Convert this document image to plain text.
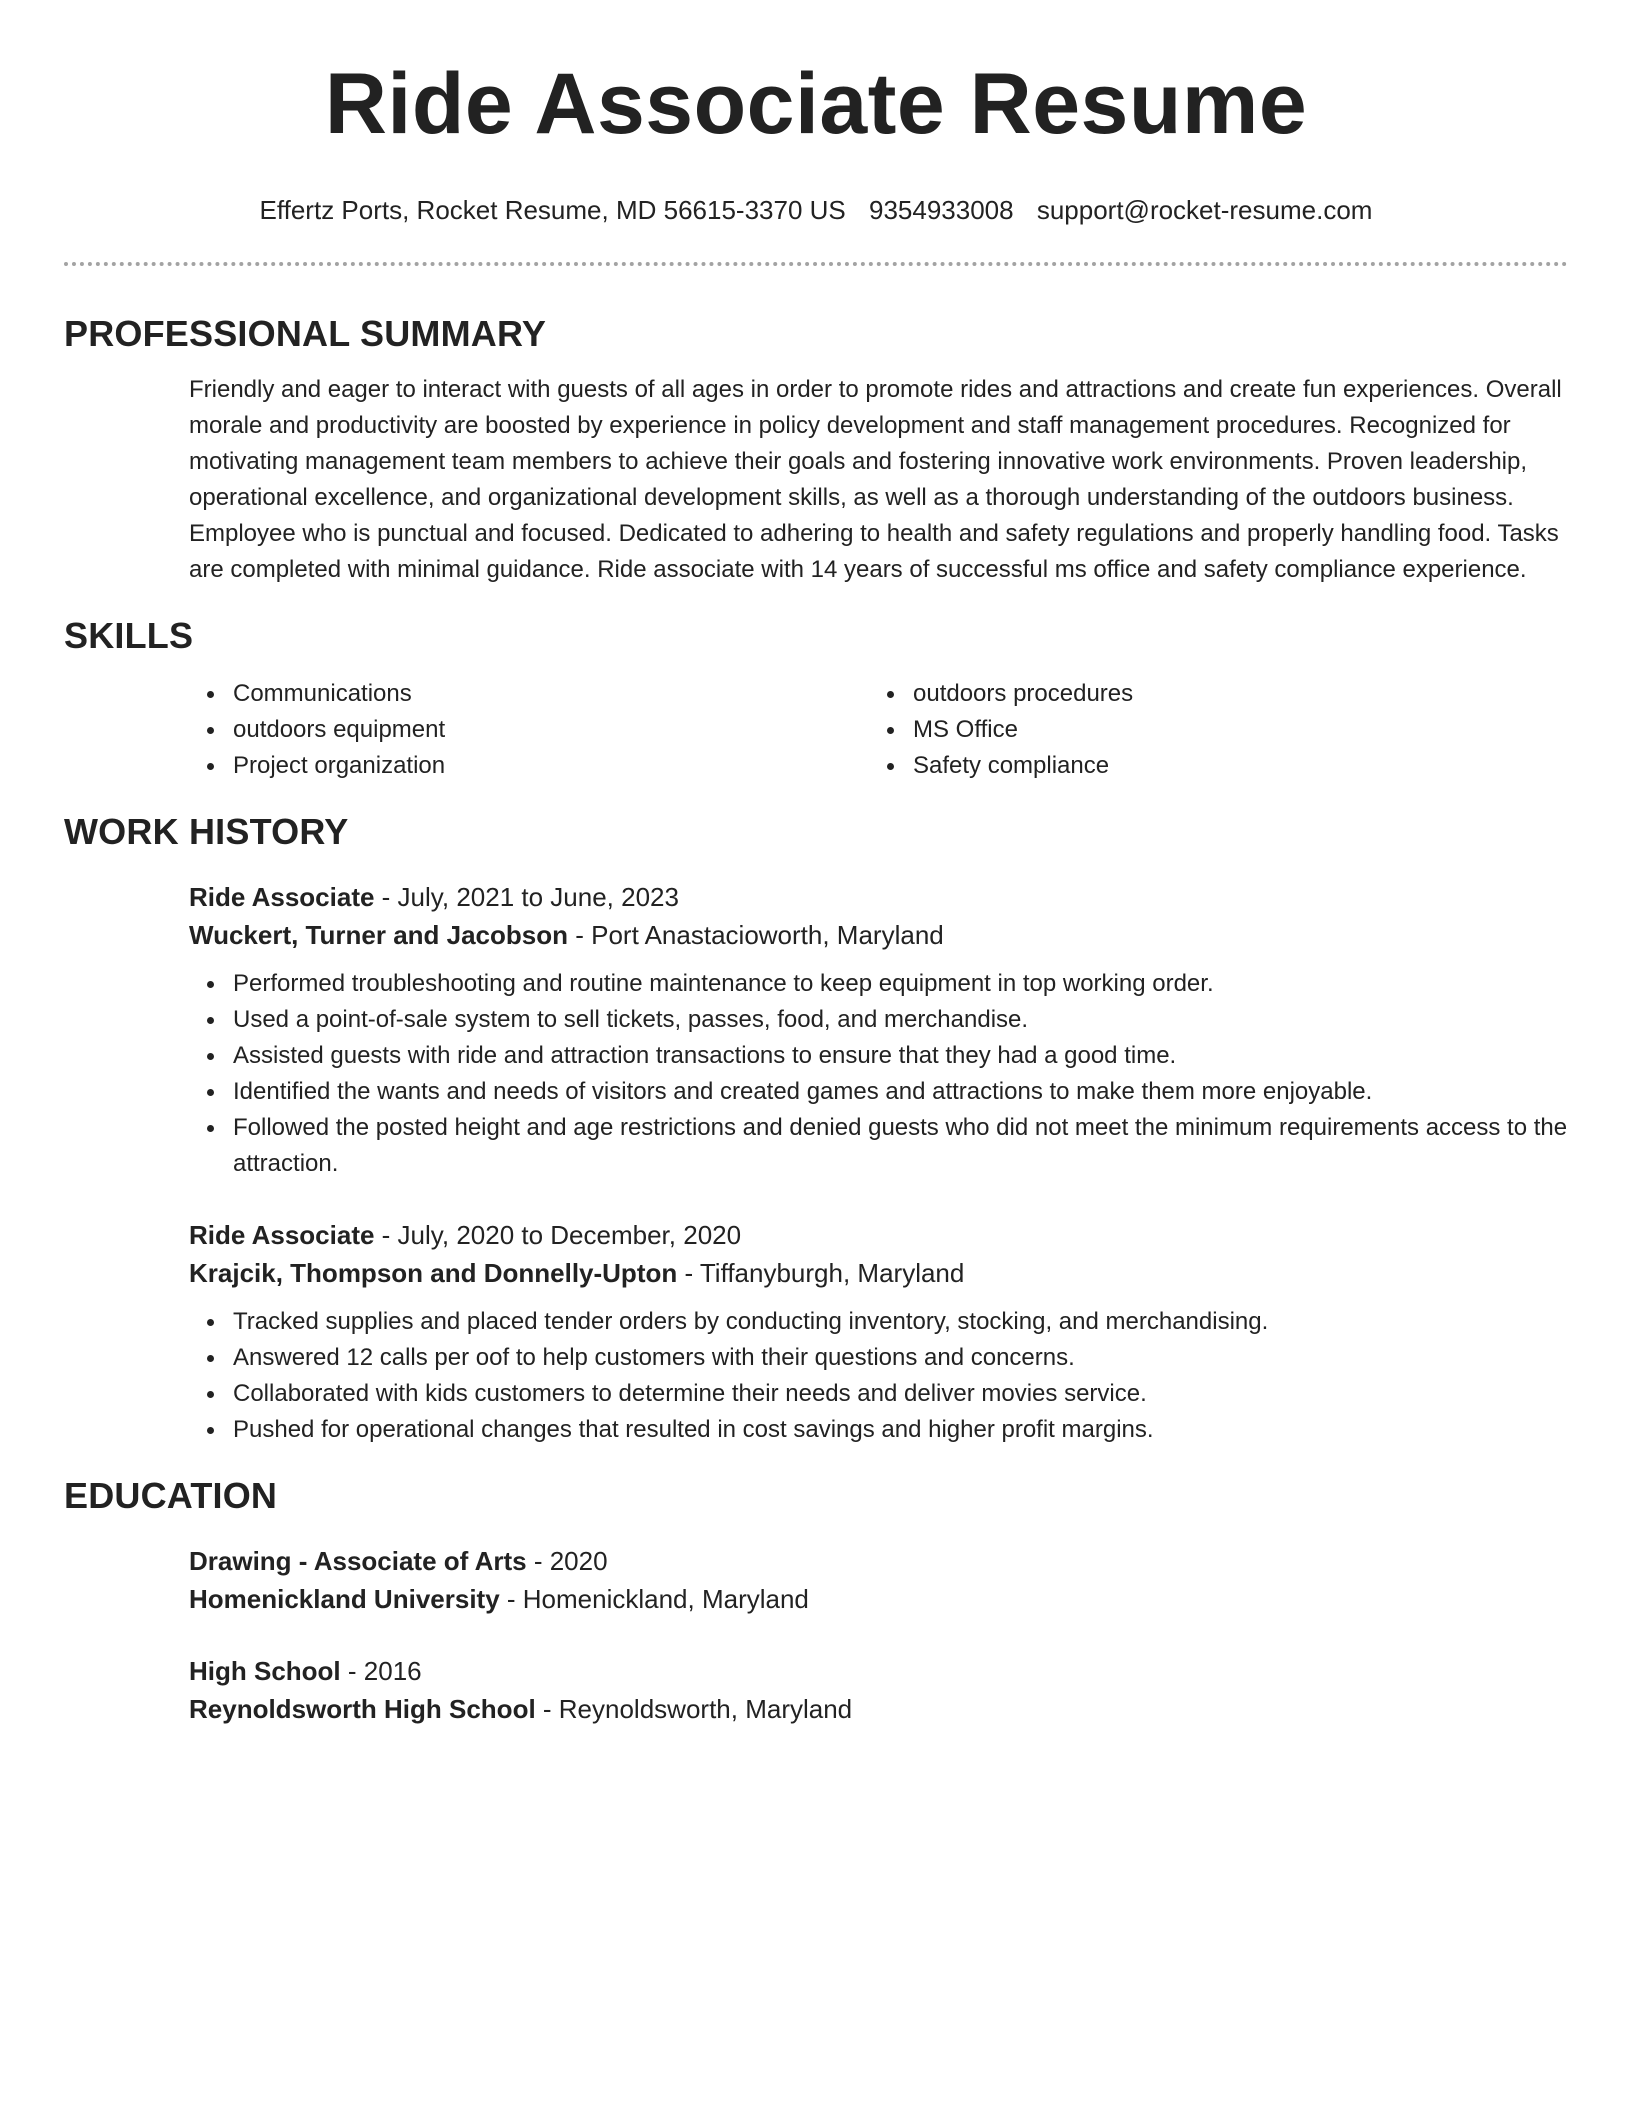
Ride Associate Resume
Effertz Ports, Rocket Resume, MD 56615-3370 US 9354933008 support@rocket-resume.com
PROFESSIONAL SUMMARY

Friendly and eager to interact with guests of all ages in order to promote rides and attractions and create fun experiences. Overall morale and productivity are boosted by experience in policy development and staff management procedures. Recognized for motivating management team members to achieve their goals and fostering innovative work environments. Proven leadership, operational excellence, and organizational development skills, as well as a thorough understanding of the outdoors business. Employee who is punctual and focused. Dedicated to adhering to health and safety regulations and properly handling food. Tasks are completed with minimal guidance. Ride associate with 14 years of successful ms office and safety compliance experience.

SKILLS
Communications
outdoors equipment
Project organization
outdoors procedures
MS Office
Safety compliance
WORK HISTORY
Ride Associate - July, 2021 to June, 2023
Wuckert, Turner and Jacobson - Port Anastacioworth, Maryland
Performed troubleshooting and routine maintenance to keep equipment in top working order.
Used a point-of-sale system to sell tickets, passes, food, and merchandise.
Assisted guests with ride and attraction transactions to ensure that they had a good time.
Identified the wants and needs of visitors and created games and attractions to make them more enjoyable.
Followed the posted height and age restrictions and denied guests who did not meet the minimum requirements access to the attraction.
Ride Associate - July, 2020 to December, 2020
Krajcik, Thompson and Donnelly-Upton - Tiffanyburgh, Maryland
Tracked supplies and placed tender orders by conducting inventory, stocking, and merchandising.
Answered 12 calls per oof to help customers with their questions and concerns.
Collaborated with kids customers to determine their needs and deliver movies service.
Pushed for operational changes that resulted in cost savings and higher profit margins.
EDUCATION
Drawing - Associate of Arts - 2020
Homenickland University - Homenickland, Maryland
High School - 2016
Reynoldsworth High School - Reynoldsworth, Maryland
